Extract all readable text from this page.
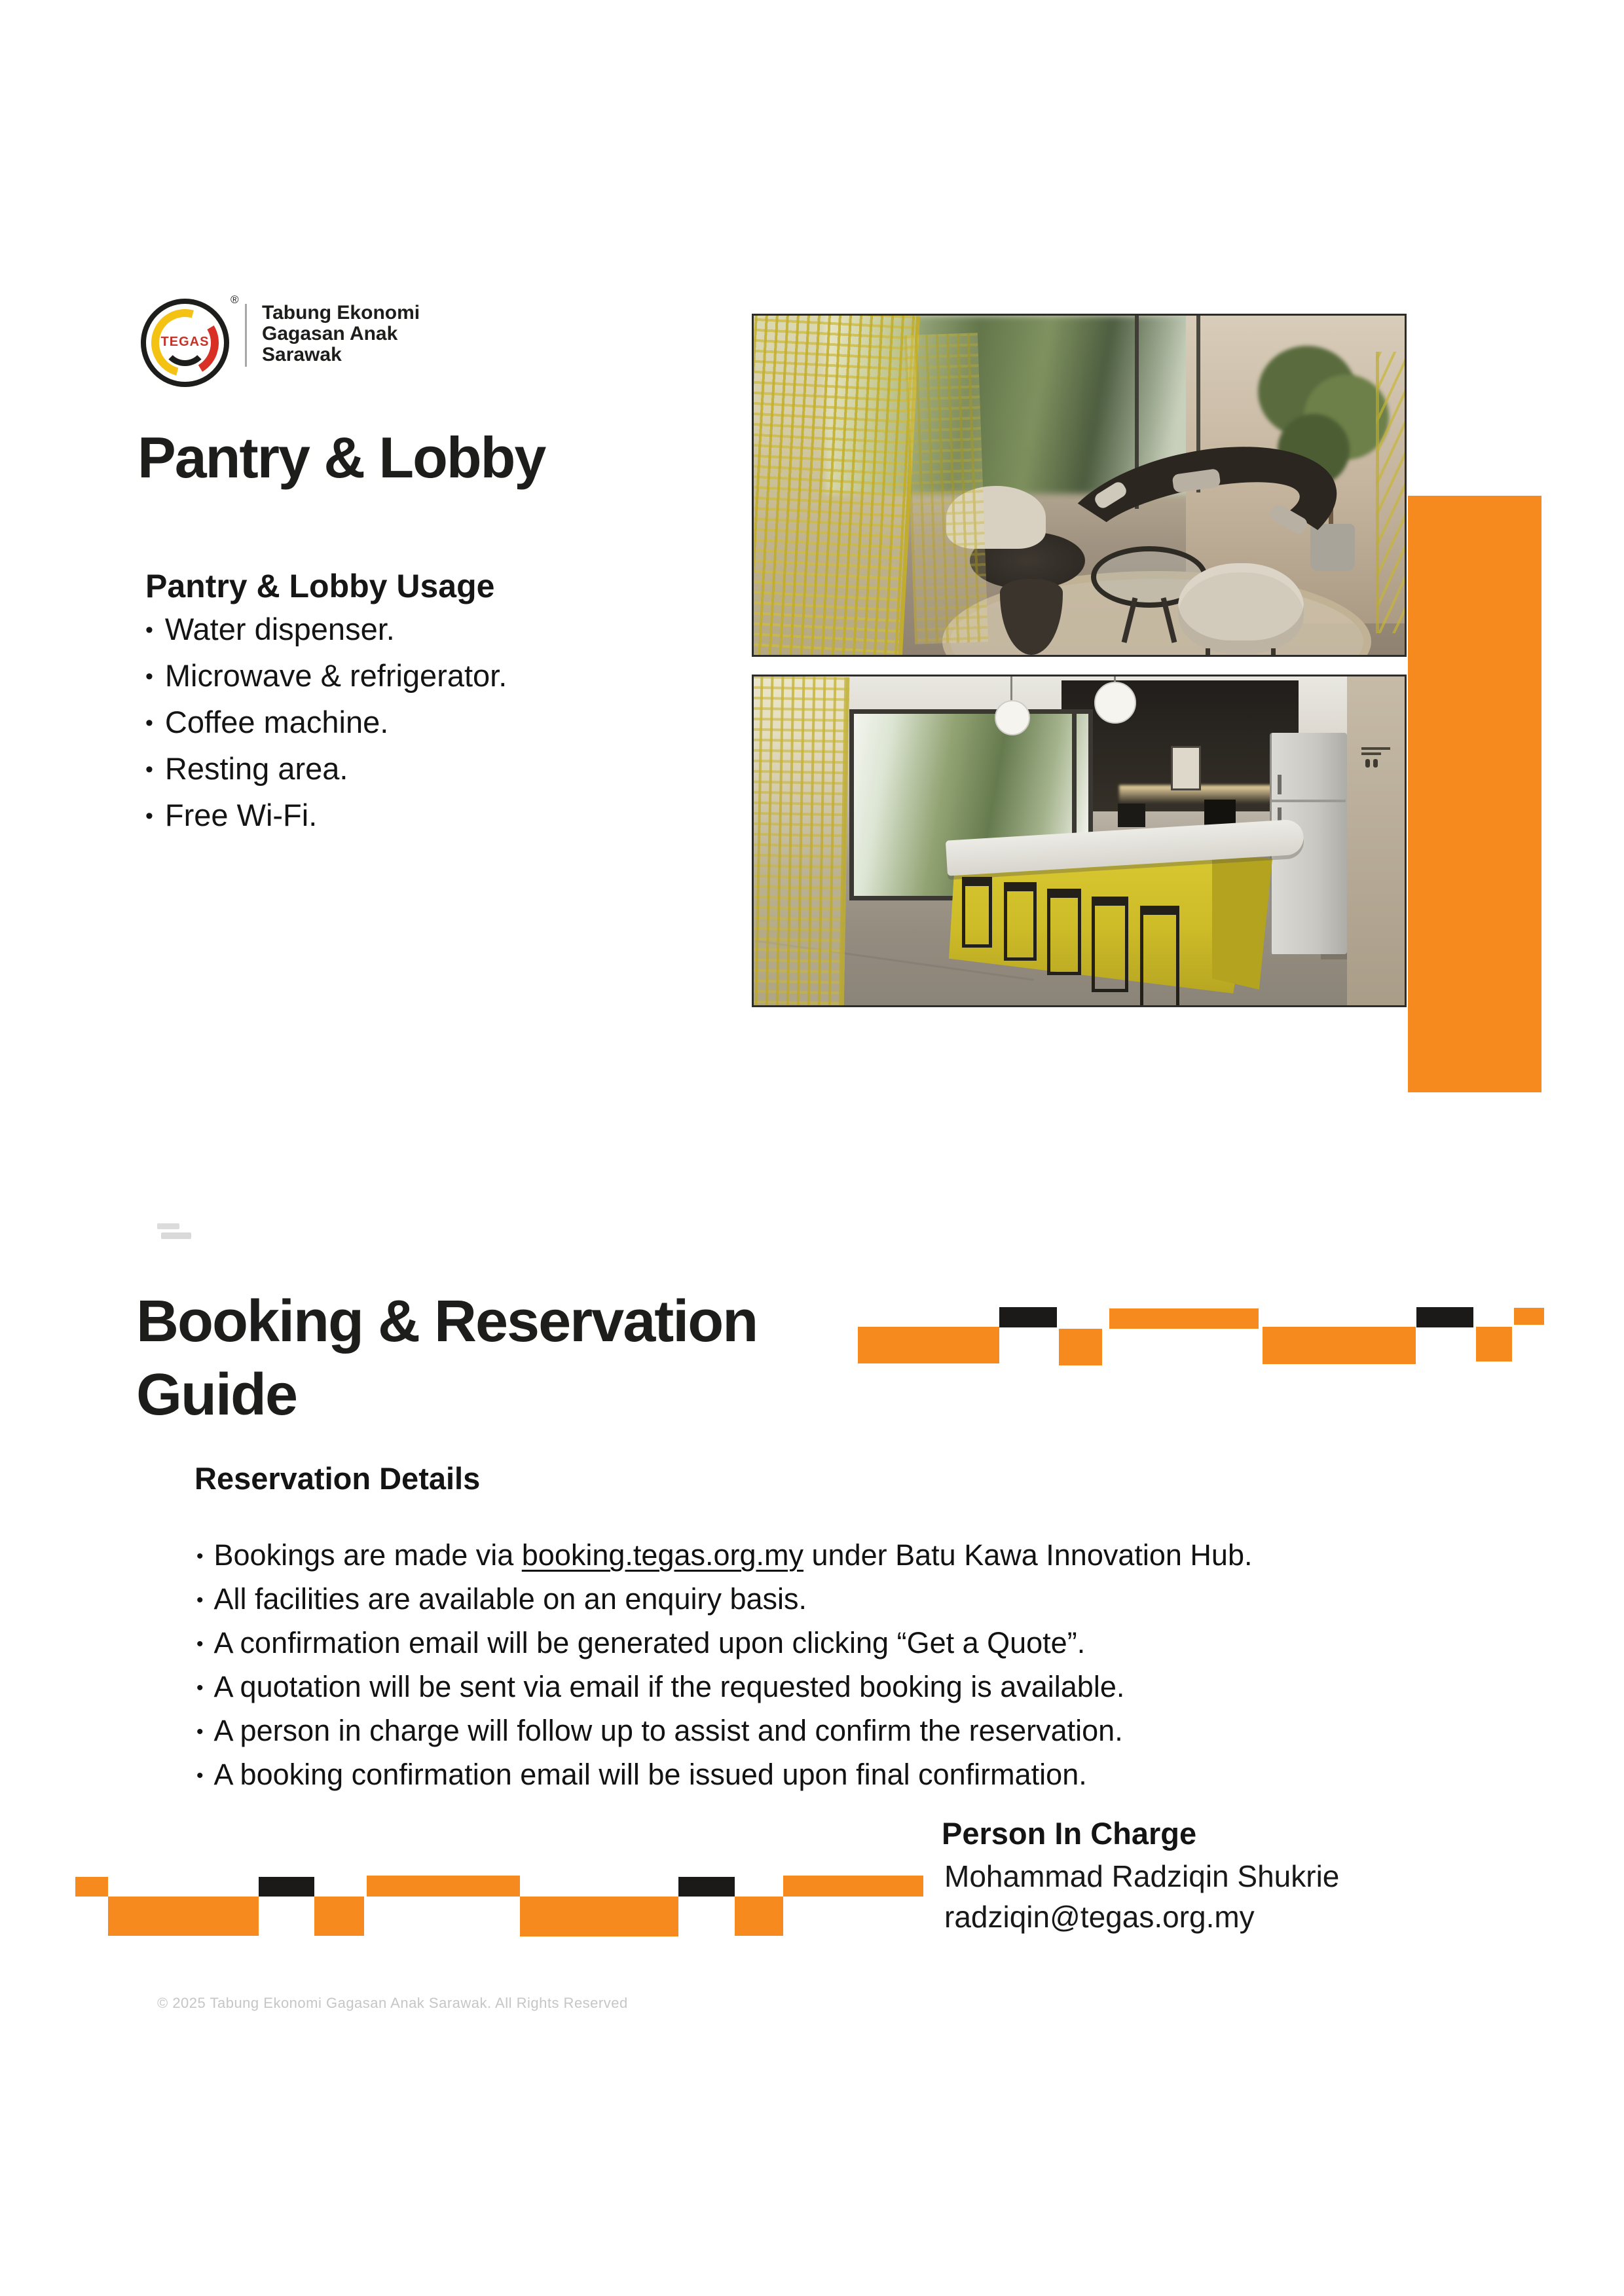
TEGAS
®
Tabung Ekonomi
Gagasan Anak
Sarawak
Pantry & Lobby
Pantry & Lobby Usage
• Water dispenser.
• Microwave & refrigerator.
• Coffee machine.
• Resting area.
• Free Wi-Fi.
Booking & Reservation
Guide
Reservation Details
• Bookings are made via booking.tegas.org.my under Batu Kawa Innovation Hub.
• All facilities are available on an enquiry basis.
• A confirmation email will be generated upon clicking “Get a Quote”.
• A quotation will be sent via email if the requested booking is available.
• A person in charge will follow up to assist and confirm the reservation.
• A booking confirmation email will be issued upon final confirmation.
Person In Charge
Mohammad Radziqin Shukrie
radziqin@tegas.org.my
© 2025 Tabung Ekonomi Gagasan Anak Sarawak. All Rights Reserved
